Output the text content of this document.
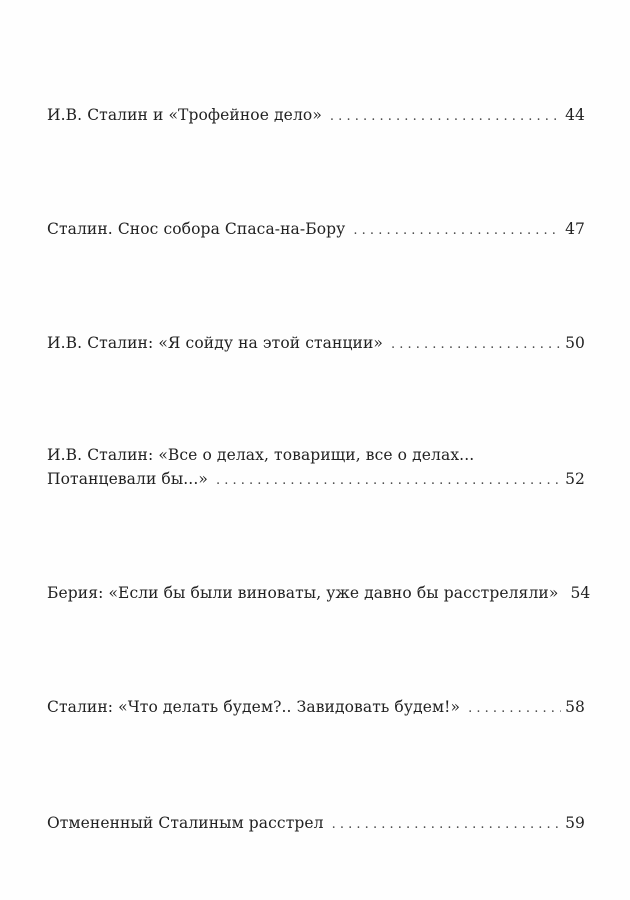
И.В. Сталин и «Трофейное дело» . . .	44
Сталин. Снос собора Спаса-на-Бору . . .	47
И.В. Сталин: «Я сойду на этой станции» . . .	50
И.В. Сталин: «Все о делах, товарищи, все о делах...
Потанцевали бы...» . . .	52
Берия: «Если бы были виноваты, уже давно бы расстреляли» 54
Сталин: «Что делать будем?.. Завидовать будем!» . . .	58
Отмененный Сталиным расстрел . . .	59
